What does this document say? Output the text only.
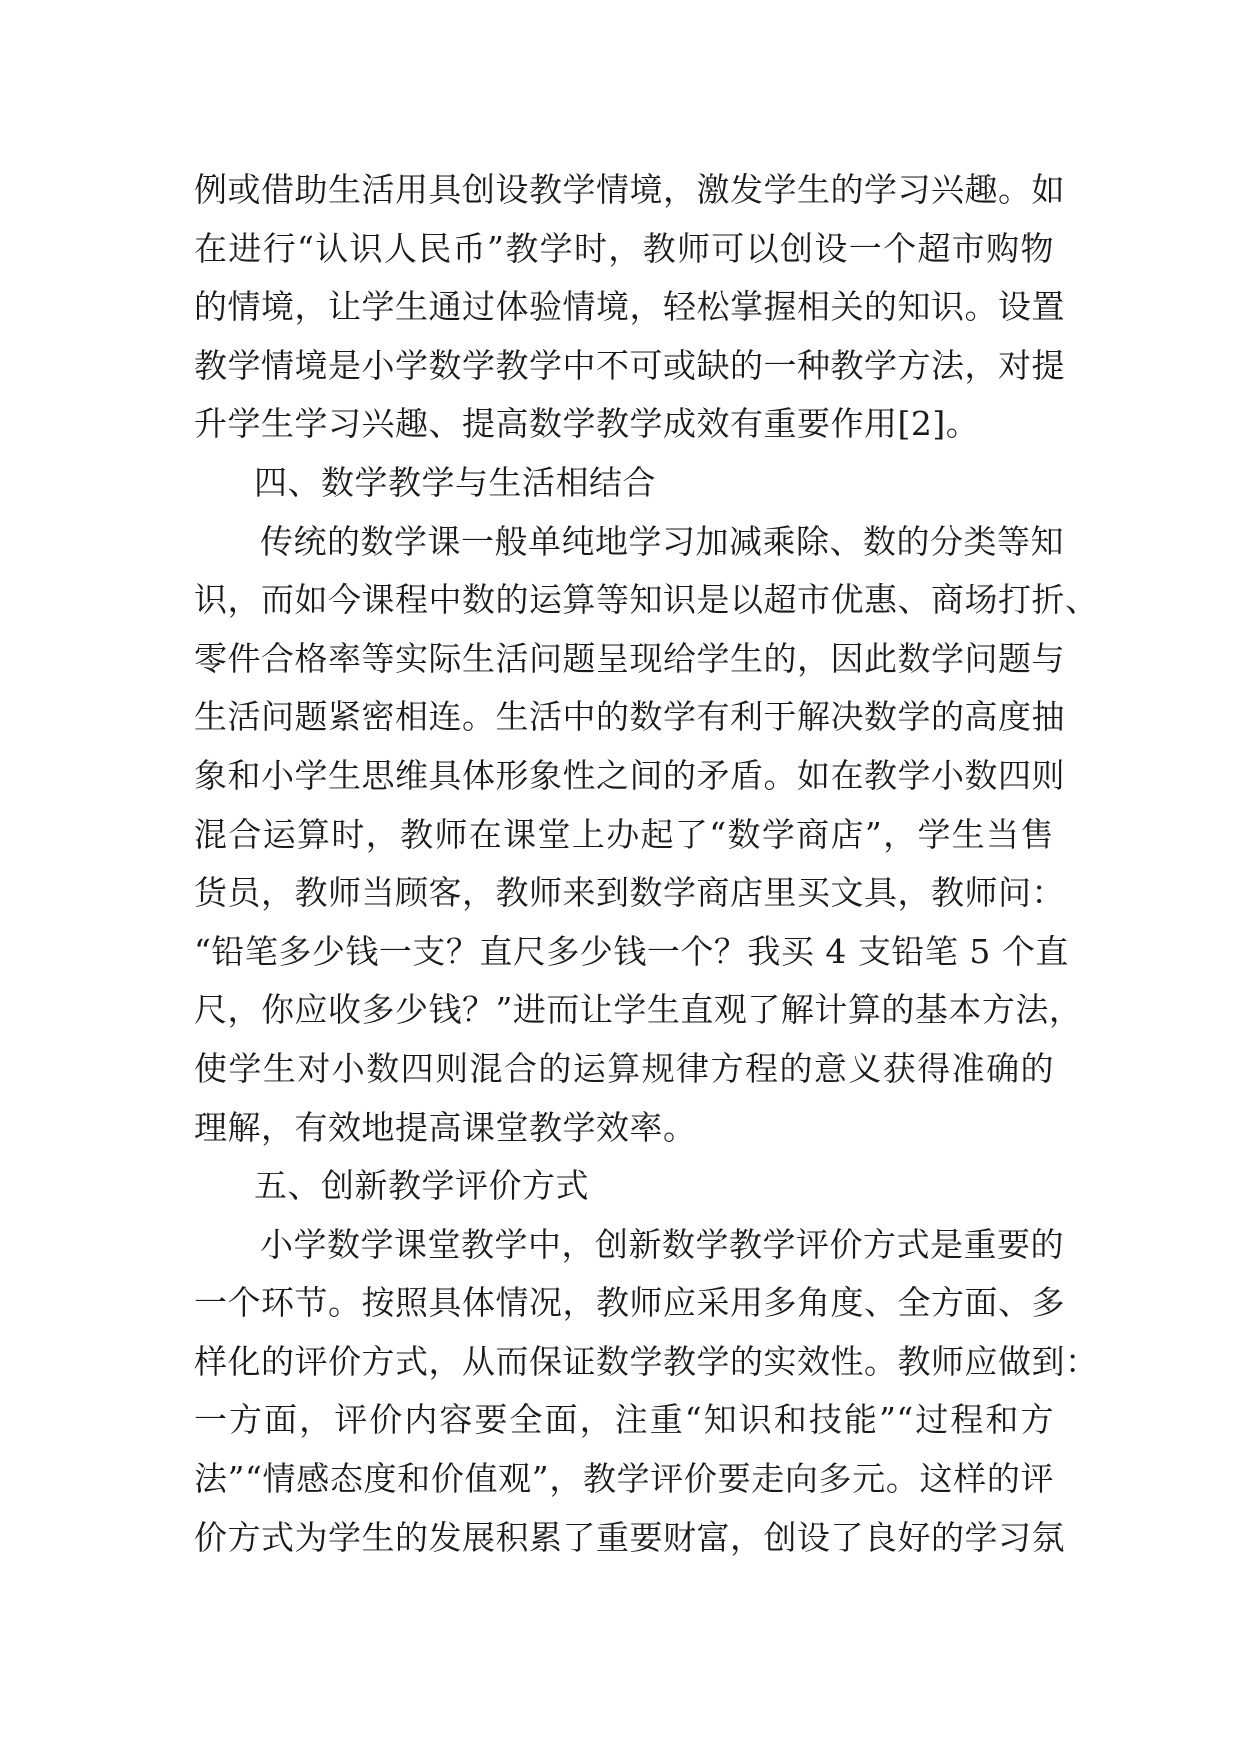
例或借助生活用具创设教学情境，激发学生的学习兴趣。如
在进行“认识人民币”教学时，教师可以创设一个超市购物
的情境，让学生通过体验情境，轻松掌握相关的知识。设置
教学情境是小学数学教学中不可或缺的一种教学方法，对提
升学生学习兴趣、提高数学教学成效有重要作用[2]。
四、数学教学与生活相结合
传统的数学课一般单纯地学习加减乘除、数的分类等知
识，而如今课程中数的运算等知识是以超市优惠、商场打折、
零件合格率等实际生活问题呈现给学生的，因此数学问题与
生活问题紧密相连。生活中的数学有利于解决数学的高度抽
象和小学生思维具体形象性之间的矛盾。如在教学小数四则
混合运算时，教师在课堂上办起了“数学商店”，学生当售
货员，教师当顾客，教师来到数学商店里买文具，教师问：
“铅笔多少钱一支？直尺多少钱一个？我买 4 支铅笔 5 个直
尺，你应收多少钱？”进而让学生直观了解计算的基本方法，
使学生对小数四则混合的运算规律方程的意义获得准确的
理解，有效地提高课堂教学效率。
五、创新教学评价方式
小学数学课堂教学中，创新数学教学评价方式是重要的
一个环节。按照具体情况，教师应采用多角度、全方面、多
样化的评价方式，从而保证数学教学的实效性。教师应做到：
一方面，评价内容要全面，注重“知识和技能”“过程和方
法”“情感态度和价值观”，教学评价要走向多元。这样的评
价方式为学生的发展积累了重要财富，创设了良好的学习氛
